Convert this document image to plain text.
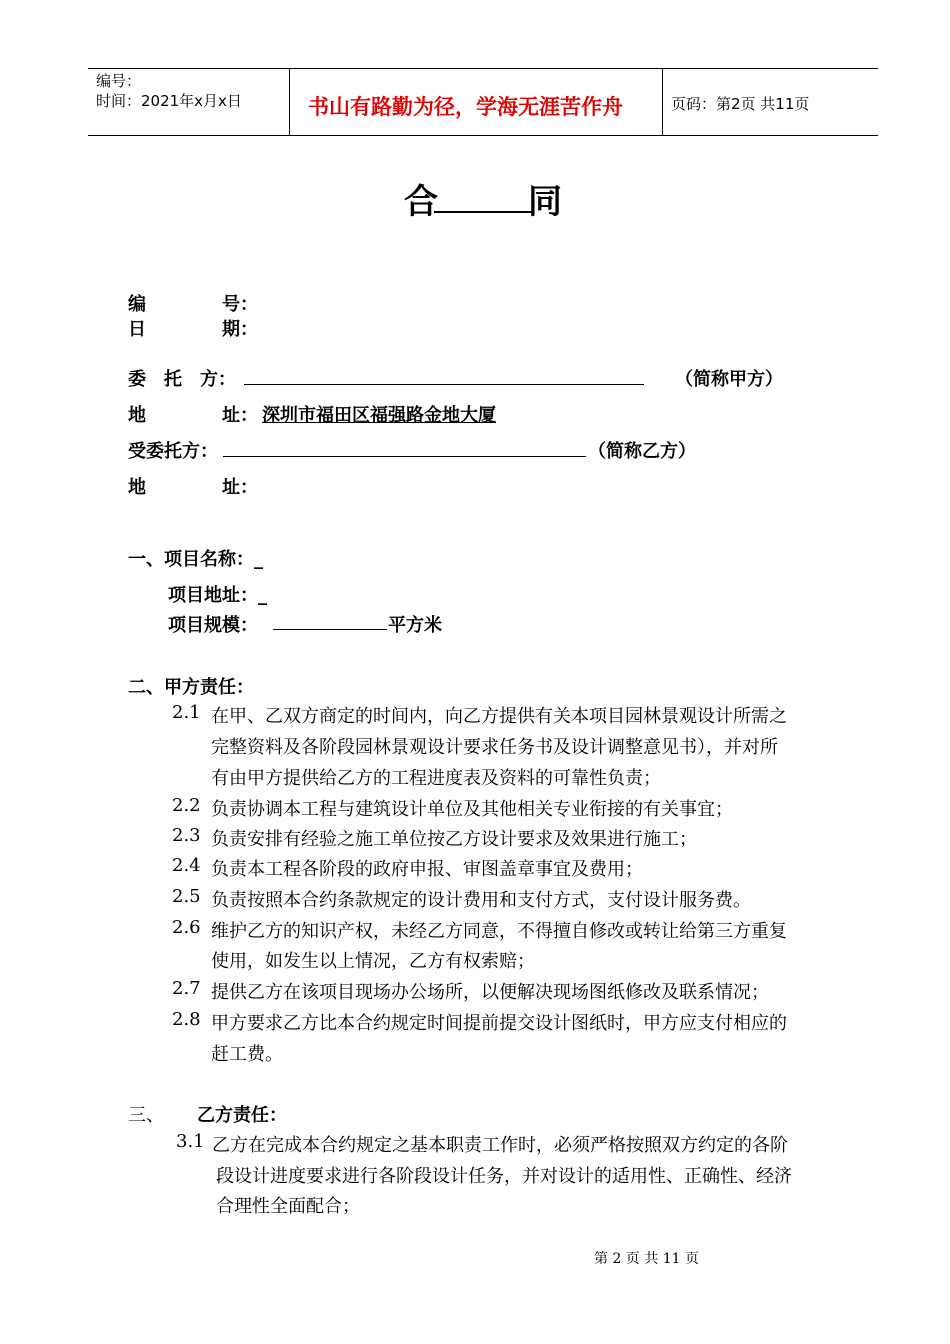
编号：
时间：2021年x月x日	书山有路勤为径，学海无涯苦作舟	页码：第2页 共11页
合	同
编	号：
日	期：
委　托　方：	（简称甲方）
地	址： 深圳市福田区福强路金地大厦
受委托方：	（简称乙方）
地	址：
一、项目名称：_
项目地址：_
项目规模：	平方米
二、甲方责任：
2.1 在甲、乙双方商定的时间内，向乙方提供有关本项目园林景观设计所需之
完整资料及各阶段园林景观设计要求任务书及设计调整意见书），并对所
有由甲方提供给乙方的工程进度表及资料的可靠性负责；
2.2 负责协调本工程与建筑设计单位及其他相关专业衔接的有关事宜；
2.3 负责安排有经验之施工单位按乙方设计要求及效果进行施工；
2.4 负责本工程各阶段的政府申报、审图盖章事宜及费用；
2.5 负责按照本合约条款规定的设计费用和支付方式，支付设计服务费。
2.6 维护乙方的知识产权，未经乙方同意，不得擅自修改或转让给第三方重复
使用，如发生以上情况，乙方有权索赔；
2.7 提供乙方在该项目现场办公场所，以便解决现场图纸修改及联系情况；
2.8 甲方要求乙方比本合约规定时间提前提交设计图纸时，甲方应支付相应的
赶工费。
三、 乙方责任：
3.1 乙方在完成本合约规定之基本职责工作时，必须严格按照双方约定的各阶
段设计进度要求进行各阶段设计任务，并对设计的适用性、正确性、经济
合理性全面配合；
第 2 页 共 11 页
